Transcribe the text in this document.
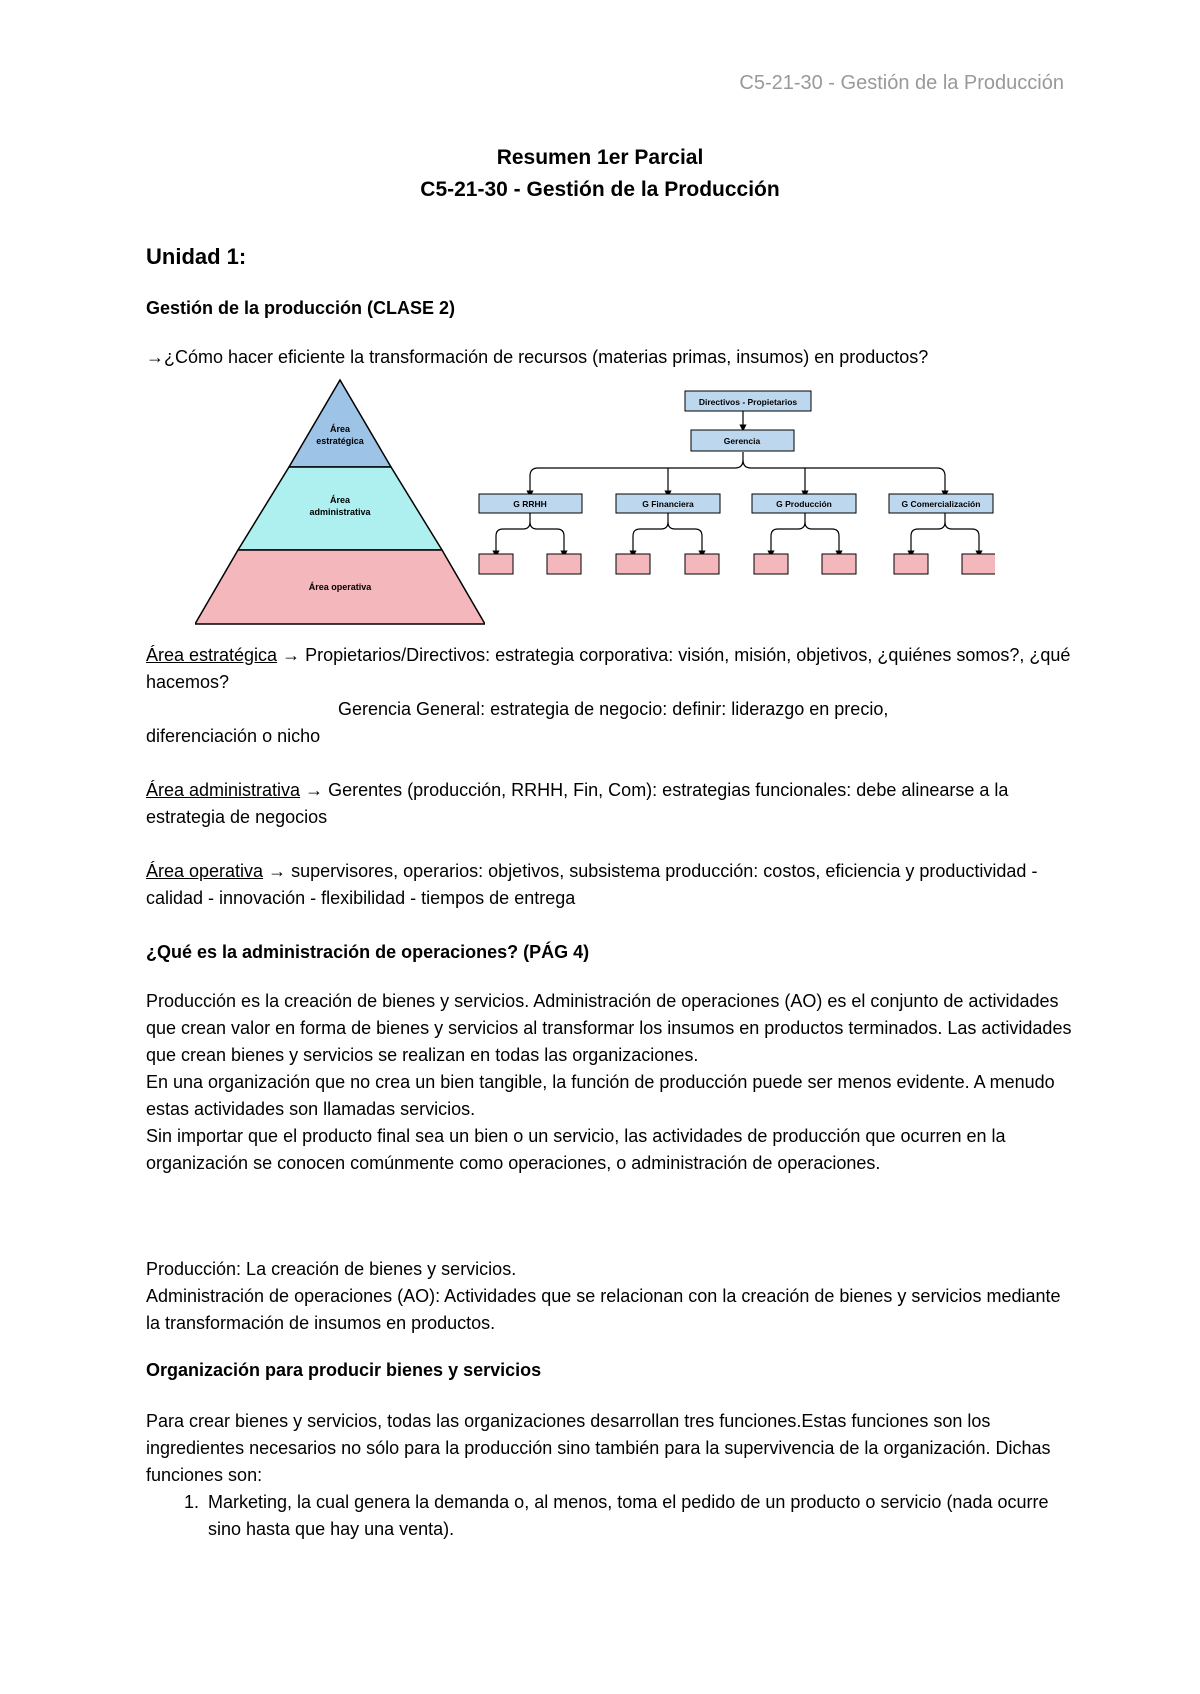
C5-21-30 - Gestión de la Producción
Resumen 1er Parcial
C5-21-30 - Gestión de la Producción
Unidad 1:
Gestión de la producción (CLASE 2)
→¿Cómo hacer eficiente la transformación de recursos (materias primas, insumos) en productos?
Área
estratégica
Área
administrativa
Área operativa
Directivos - Propietarios
Gerencia
G RRHH	G Financiera	G Producción	G Comercialización
Área estratégica → Propietarios/Directivos: estrategia corporativa: visión, misión, objetivos, ¿quiénes somos?, ¿qué hacemos?
Gerencia General: estrategia de negocio: definir: liderazgo en precio,
diferenciación o nicho
Área administrativa → Gerentes (producción, RRHH, Fin, Com): estrategias funcionales: debe alinearse a la estrategia de negocios
Área operativa → supervisores, operarios: objetivos, subsistema producción: costos, eficiencia y productividad - calidad - innovación - flexibilidad - tiempos de entrega
¿Qué es la administración de operaciones? (PÁG 4)
Producción es la creación de bienes y servicios. Administración de operaciones (AO) es el conjunto de actividades que crean valor en forma de bienes y servicios al transformar los insumos en productos terminados. Las actividades que crean bienes y servicios se realizan en todas las organizaciones.
En una organización que no crea un bien tangible, la función de producción puede ser menos evidente. A menudo estas actividades son llamadas servicios.
Sin importar que el producto final sea un bien o un servicio, las actividades de producción que ocurren en la organización se conocen comúnmente como operaciones, o administración de operaciones.
Producción: La creación de bienes y servicios.
Administración de operaciones (AO): Actividades que se relacionan con la creación de bienes y servicios mediante la transformación de insumos en productos.
Organización para producir bienes y servicios
Para crear bienes y servicios, todas las organizaciones desarrollan tres funciones.Estas funciones son los ingredientes necesarios no sólo para la producción sino también para la supervivencia de la organización. Dichas funciones son:
1. Marketing, la cual genera la demanda o, al menos, toma el pedido de un producto o servicio (nada ocurre sino hasta que hay una venta).
